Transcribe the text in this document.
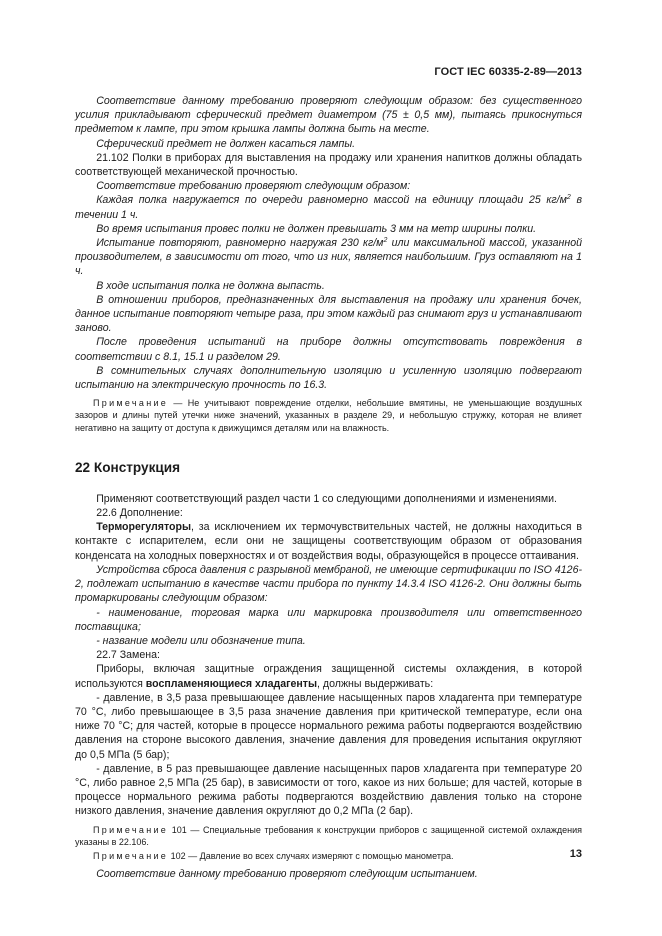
ГОСТ IEC 60335-2-89—2013

  Соответствие данному требованию проверяют следующим образом: без существенного усилия прикладывают сферический предмет диаметром (75 ± 0,5 мм), пытаясь прикоснуться предметом к лампе, при этом крышка лампы должна быть на месте.

  Сферический предмет не должен касаться лампы.

  21.102 Полки в приборах для выставления на продажу или хранения напитков должны обладать соответствующей механической прочностью.

  Соответствие требованию проверяют следующим образом:

  Каждая полка нагружается по очереди равномерно массой на единицу площади 25 $кг/м^2$ в течении 1 ч.

  Во время испытания провес полки не должен превышать 3 мм на метр ширины полки.

  Испытание повторяют, равномерно нагружая 230 $кг/м^2$ или максимальной массой, указанной производителем, в зависимости от того, что из них, является наибольшим. Груз оставляют на 1 ч.

  В ходе испытания полка не должна выпасть.

  В отношении приборов, предназначенных для выставления на продажу или хранения бочек, данное испытание повторяют четыре раза, при этом каждый раз снимают груз и устанавливают заново.

  После проведения испытаний на приборе должны отсутствовать повреждения в соответствии с 8.1, 15.1 и разделом 29.

  В сомнительных случаях дополнительную изоляцию и усиленную изоляцию подвергают испытанию на электрическую прочность по 16.3.

  Примечание — Не учитывают повреждение отделки, небольшие вмятины, не уменьшающие воздушных зазоров и длины путей утечки ниже значений, указанных в разделе 29, и небольшую стружку, которая не влияет негативно на защиту от доступа к движущимся деталям или на влажность.

22 Конструкция

  Применяют соответствующий раздел части 1 со следующими дополнениями и изменениями.

  22.6 Дополнение:

  Терморегуляторы, за исключением их термочувствительных частей, не должны находиться в контакте с испарителем, если они не защищены соответствующим образом от образования конденсата на холодных поверхностях и от воздействия воды, образующейся в процессе оттаивания.

  Устройства сброса давления с разрывной мембраной, не имеющие сертификации по ISO 4126-2, подлежат испытанию в качестве части прибора по пункту 14.3.4 ISO 4126-2. Они должны быть промаркированы следующим образом:

  - наименование, торговая марка или маркировка производителя или ответственного поставщика;

  - название модели или обозначение типа.

  22.7 Замена:

  Приборы, включая защитные ограждения защищенной системы охлаждения, в которой используются воспламеняющиеся хладагенты, должны выдерживать:

  - давление, в 3,5 раза превышающее давление насыщенных паров хладагента при температуре 70 °С, либо превышающее в 3,5 раза значение давления при критической температуре, если она ниже 70 °С; для частей, которые в процессе нормального режима работы подвергаются воздействию давления на стороне высокого давления, значение давления для проведения испытания округляют до 0,5 МПа (5 бар);

  - давление, в 5 раз превышающее давление насыщенных паров хладагента при температуре 20 °С, либо равное 2,5 МПа (25 бар), в зависимости от того, какое из них больше; для частей, которые в процессе нормального режима работы подвергаются воздействию давления только на стороне низкого давления, значение давления округляют до 0,2 МПа (2 бар).

  Примечание 101 — Специальные требования к конструкции приборов с защищенной системой охлаждения указаны в 22.106.

  Примечание 102 — Давление во всех случаях измеряют с помощью манометра.

  Соответствие данному требованию проверяют следующим испытанием.

13
